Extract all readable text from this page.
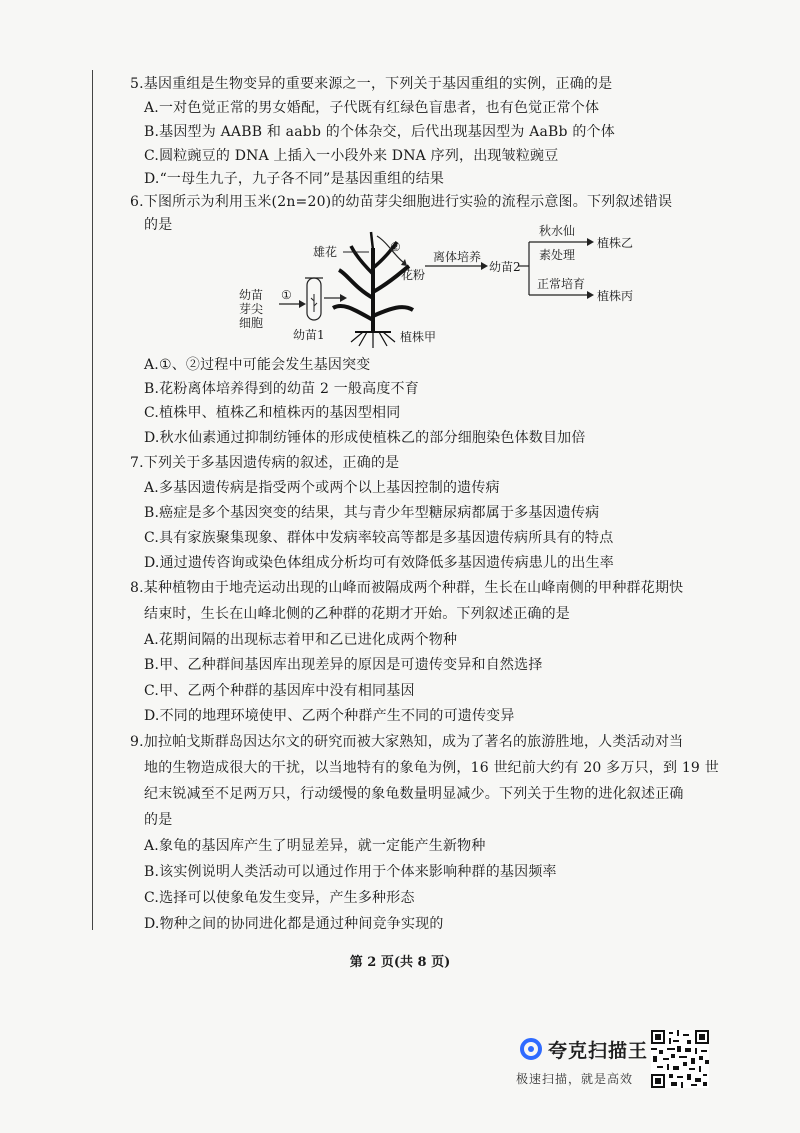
5.基因重组是生物变异的重要来源之一，下列关于基因重组的实例，正确的是
A.一对色觉正常的男女婚配，子代既有红绿色盲患者，也有色觉正常个体
B.基因型为 AABB 和 aabb 的个体杂交，后代出现基因型为 AaBb 的个体
C.圆粒豌豆的 DNA 上插入一小段外来 DNA 序列，出现皱粒豌豆
D.“一母生九子，九子各不同”是基因重组的结果
6.下图所示为利用玉米(2n=20)的幼苗芽尖细胞进行实验的流程示意图。下列叙述错误
的是
A.①、②过程中可能会发生基因突变
B.花粉离体培养得到的幼苗 2 一般高度不育
C.植株甲、植株乙和植株丙的基因型相同
D.秋水仙素通过抑制纺锤体的形成使植株乙的部分细胞染色体数目加倍
7.下列关于多基因遗传病的叙述，正确的是
A.多基因遗传病是指受两个或两个以上基因控制的遗传病
B.癌症是多个基因突变的结果，其与青少年型糖尿病都属于多基因遗传病
C.具有家族聚集现象、群体中发病率较高等都是多基因遗传病所具有的特点
D.通过遗传咨询或染色体组成分析均可有效降低多基因遗传病患儿的出生率
8.某种植物由于地壳运动出现的山峰而被隔成两个种群，生长在山峰南侧的甲种群花期快
结束时，生长在山峰北侧的乙种群的花期才开始。下列叙述正确的是
A.花期间隔的出现标志着甲和乙已进化成两个物种
B.甲、乙种群间基因库出现差异的原因是可遗传变异和自然选择
C.甲、乙两个种群的基因库中没有相同基因
D.不同的地理环境使甲、乙两个种群产生不同的可遗传变异
9.加拉帕戈斯群岛因达尔文的研究而被大家熟知，成为了著名的旅游胜地，人类活动对当
地的生物造成很大的干扰，以当地特有的象龟为例，16 世纪前大约有 20 多万只，到 19 世
纪末锐减至不足两万只，行动缓慢的象龟数量明显减少。下列关于生物的进化叙述正确
的是
A.象龟的基因库产生了明显差异，就一定能产生新物种
B.该实例说明人类活动可以通过作用于个体来影响种群的基因频率
C.选择可以使象龟发生变异，产生多种形态
D.物种之间的协同进化都是通过种间竞争实现的
幼苗
芽尖
细胞
①
幼苗1
雄花	②
花粉
离体培养
幼苗2
秋水仙
素处理
植株乙
正常培育
植株丙
植株甲
第 2 页(共 8 页)
夸克扫描王
极速扫描，就是高效
